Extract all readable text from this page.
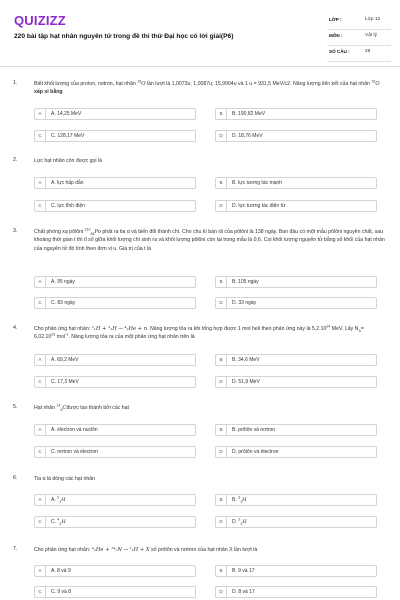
QUIZIZZ
220 bài tập hạt nhân nguyên tử trong đề thi thử Đại học có lời giải(P6)
LỚP :	Lớp 12
MÔN :	Vật lý
SỐ CÂU :	28
1.	Biết khối lượng của proton, notron, hạt nhân $^{16}$O lần lượt là 1,0073u; 1,0087u; 15,9904u và 1 u = 931,5 MeV/c2. Năng lượng liên kết của hạt nhân $^{16}$O xấp xỉ bằng
A	A. 14,25 MeV	B	B. 190,82 MeV
C	C. 128,17 MeV	D	D. 18,76 MeV
2.	Lực hạt nhân còn được gọi là
A	A. lực hấp dẫn	B	B. lực tương tác mạnh
C	C. lực tĩnh điện	D	D. lực tương tác điện từ
3.	Chất phóng xạ pôlôni $^{210}_{84}$Po phát ra tia α và biến đổi thành chì. Cho chu kì bán rã của pôlôni là 138 ngày. Ban đầu có một mẫu pôlôni nguyên chất, sau khoảng thời gian t thì tỉ số giữa khối lượng chì sinh ra và khối lượng pôlôni còn lại trong mẫu là 0,6. Coi khối lượng nguyên tử bằng số khối của hạt nhân của nguyên tử đó tính theo đơn vị u. Giá trị của t là
A	A. 95 ngày	B	B. 105 ngày
C	C. 83 ngày	D	D. 33 ngày
4.	Cho phản ứng hạt nhân: ²₁H + ³₁H → ⁴₂He + n. Năng lượng tỏa ra khi tổng hợp được 1 mol heli theo phản ứng này là 5,2.10$^{24}$ MeV. Lấy $N_A= 6,02.10^{23}$ mol$^{-1}$. Năng lượng tỏa ra của một phản ứng hạt nhân trên là
A	A. 69,2 MeV	B	B. 34,6 MeV
C	C. 17,3 MeV	D	D. 51,9 MeV
5.	Hạt nhân $^{14}_6$Cđược tạo thành bởi các hạt
A	A. électron và nuclôn	B	B. prôtôn và nơtron
C	C. nơtron và électron	D	D. prôtôn và électron
6.	Tia α là dòng các hạt nhân
A	A. $^2_1$H	B	B. $^3_1$H
C	C. $^4_2$H	D	D. $^3_2$H
7.	Cho phản ứng hạt nhân: ⁴₂He + ¹⁴₇N → ¹₁H + X số prôtôn và nơtron của hạt nhân X lần lượt là
A	A. 8 và 9	B	B. 9 và 17
C	C. 9 và 8	D	D. 8 và 17
